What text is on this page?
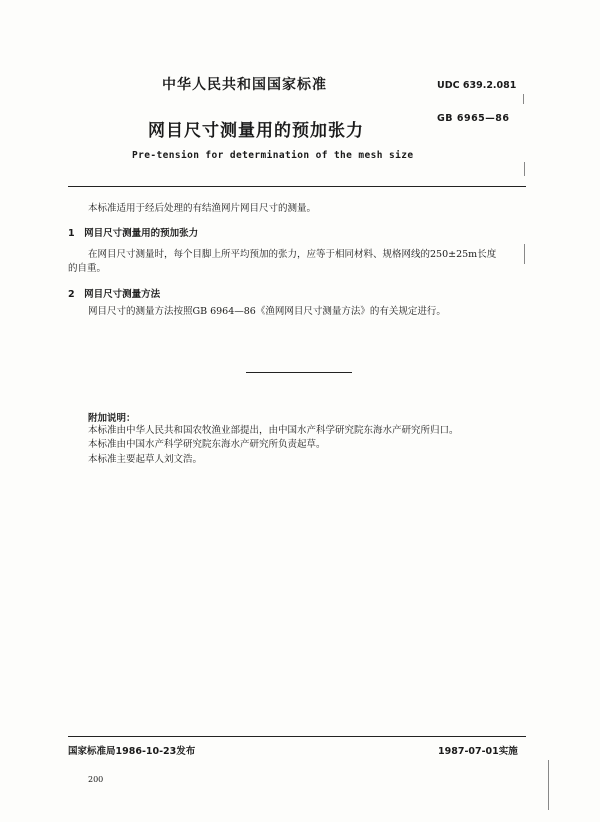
中华人民共和国国家标准	UDC 639.2.081
网目尺寸测量用的预加张力
GB 6965—86
Pre-tension for determination of the mesh size
本标准适用于经后处理的有结渔网片网目尺寸的测量。
1　网目尺寸测量用的预加张力
在网目尺寸测量时，每个目脚上所平均预加的张力，应等于相同材料、规格网线的250±25m长度
的自重。
2　网目尺寸测量方法
网目尺寸的测量方法按照GB 6964—86《渔网网目尺寸测量方法》的有关规定进行。
附加说明：
本标准由中华人民共和国农牧渔业部提出，由中国水产科学研究院东海水产研究所归口。
本标准由中国水产科学研究院东海水产研究所负责起草。
本标准主要起草人刘文浩。
国家标准局1986-10-23发布	1987-07-01实施
200
